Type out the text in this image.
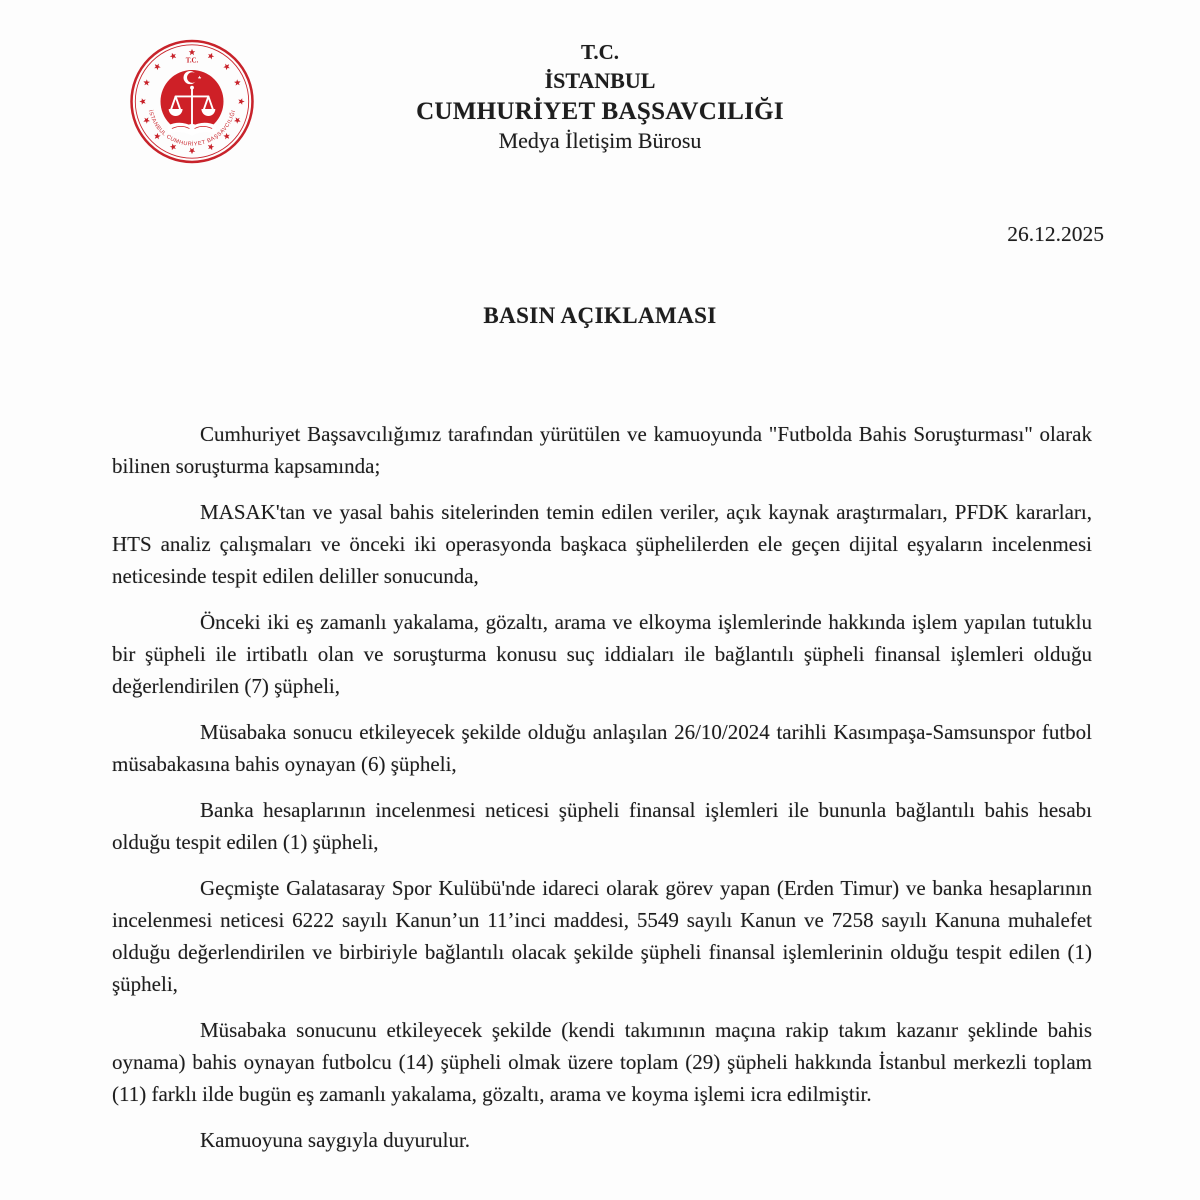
T.C.
İSTANBUL CUMHURİYET BAŞSAVCILIĞI
T.C.
İSTANBUL
CUMHURİYET BAŞSAVCILIĞI
Medya İletişim Bürosu
26.12.2025
BASIN AÇIKLAMASI

Cumhuriyet Başsavcılığımız tarafından yürütülen ve kamuoyunda "Futbolda Bahis Soruşturması" olarak bilinen soruşturma kapsamında;

MASAK'tan ve yasal bahis sitelerinden temin edilen veriler, açık kaynak araştırmaları, PFDK kararları, HTS analiz çalışmaları ve önceki iki operasyonda başkaca şüphelilerden ele geçen dijital eşyaların incelenmesi neticesinde tespit edilen deliller sonucunda,

Önceki iki eş zamanlı yakalama, gözaltı, arama ve elkoyma işlemlerinde hakkında işlem yapılan tutuklu bir şüpheli ile irtibatlı olan ve soruşturma konusu suç iddiaları ile bağlantılı şüpheli finansal işlemleri olduğu değerlendirilen (7) şüpheli,

Müsabaka sonucu etkileyecek şekilde olduğu anlaşılan 26/10/2024 tarihli Kasımpaşa-Samsunspor futbol müsabakasına bahis oynayan (6) şüpheli,

Banka hesaplarının incelenmesi neticesi şüpheli finansal işlemleri ile bununla bağlantılı bahis hesabı olduğu tespit edilen (1) şüpheli,

Geçmişte Galatasaray Spor Kulübü'nde idareci olarak görev yapan (Erden Timur) ve banka hesaplarının incelenmesi neticesi 6222 sayılı Kanun’un 11’inci maddesi, 5549 sayılı Kanun ve 7258 sayılı Kanuna muhalefet olduğu değerlendirilen ve birbiriyle bağlantılı olacak şekilde şüpheli finansal işlemlerinin olduğu tespit edilen (1) şüpheli,

Müsabaka sonucunu etkileyecek şekilde (kendi takımının maçına rakip takım kazanır şeklinde bahis oynama) bahis oynayan futbolcu (14) şüpheli olmak üzere toplam (29) şüpheli hakkında İstanbul merkezli toplam (11) farklı ilde bugün eş zamanlı yakalama, gözaltı, arama ve koyma işlemi icra edilmiştir.

Kamuoyuna saygıyla duyurulur.
